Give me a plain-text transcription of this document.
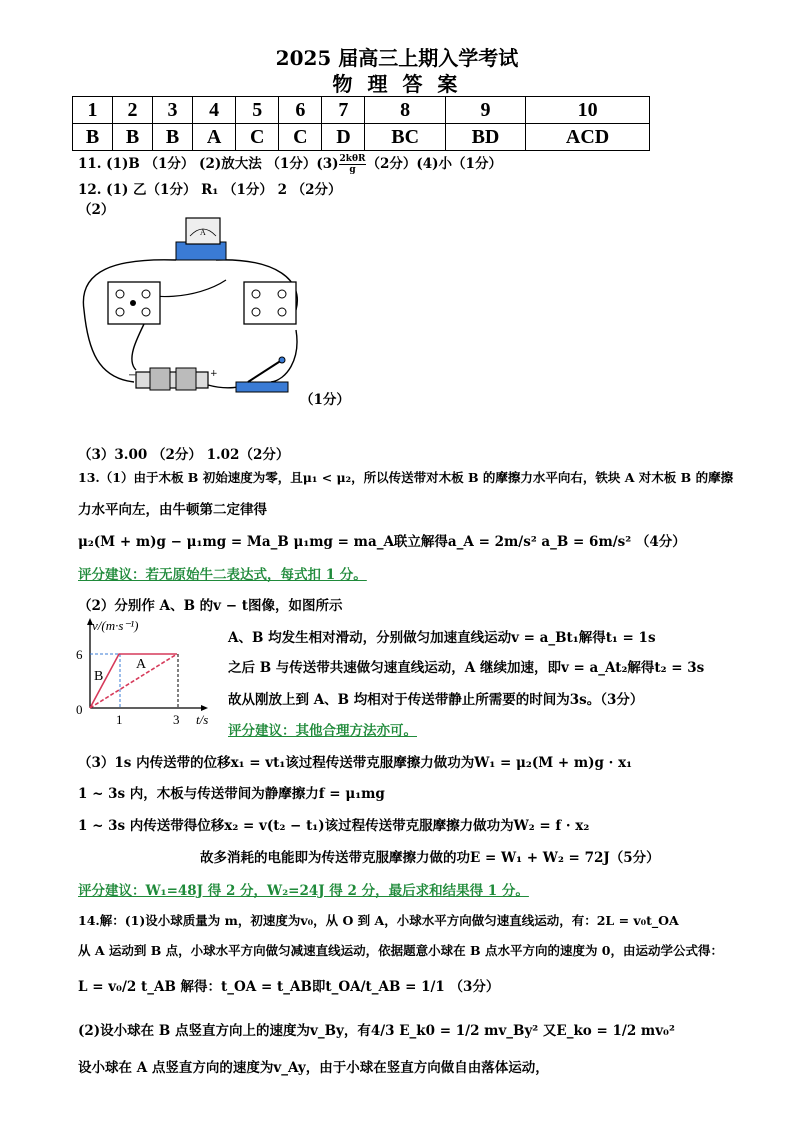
2025 届高三上期入学考试
物 理 答 案
1	2	3	4	5	6	7	8	9	10
B	B	B	A	C	C	D	BC	BD	ACD
11. (1)B （1分） (2)放大法 （1分）$(3) \frac{\text{2kθR}}{g} (2$分）(4)小（1分）
12. (1) 乙（1分） R₁ （1分） 2 （2分）
（2）
A
−	+
（1分）
（3）3.00 （2分） 1.02（2分）
13.（1）由于木板 B 初始速度为零，且μ₁ < μ₂，所以传送带对木板 B 的摩擦力水平向右，铁块 A 对木板 B 的摩擦
力水平向左，由牛顿第二定律得
μ₂(M + m)g − μ₁mg = Ma_B μ₁mg = ma_A联立解得a_A = 2m/s² a_B = 6m/s² （4分）
评分建议：若无原始牛二表达式，每式扣 1 分。
（2）分别作 A、B 的v − t图像，如图所示
v/(m·s⁻¹)
t/s
6
0
1	3
A
B
A、B 均发生相对滑动，分别做匀加速直线运动v = a_Bt₁解得t₁ = 1s
之后 B 与传送带共速做匀速直线运动，A 继续加速，即v = a_At₂解得t₂ = 3s
故从刚放上到 A、B 均相对于传送带静止所需要的时间为3s。（3分）
评分建议：其他合理方法亦可。
（3）1s 内传送带的位移x₁ = vt₁该过程传送带克服摩擦力做功为W₁ = μ₂(M + m)g · x₁
1 ~ 3s 内，木板与传送带间为静摩擦力f = μ₁mg
1 ~ 3s 内传送带得位移x₂ = v(t₂ − t₁)该过程传送带克服摩擦力做功为W₂ = f · x₂
故多消耗的电能即为传送带克服摩擦力做的功E = W₁ + W₂ = 72J（5分）
评分建议：W₁=48J 得 2 分，W₂=24J 得 2 分，最后求和结果得 1 分。
14.解：(1)设小球质量为 m，初速度为v₀，从 O 到 A，小球水平方向做匀速直线运动，有：2L = v₀t_OA
从 A 运动到 B 点，小球水平方向做匀减速直线运动，依据题意小球在 B 点水平方向的速度为 0，由运动学公式得：
L = v₀/2 t_AB 解得：t_OA = t_AB即t_OA/t_AB = 1/1 （3分）
(2)设小球在 B 点竖直方向上的速度为v_By，有4/3 E_k0 = 1/2 mv_By² 又E_ko = 1/2 mv₀²
设小球在 A 点竖直方向的速度为v_Ay，由于小球在竖直方向做自由落体运动，
